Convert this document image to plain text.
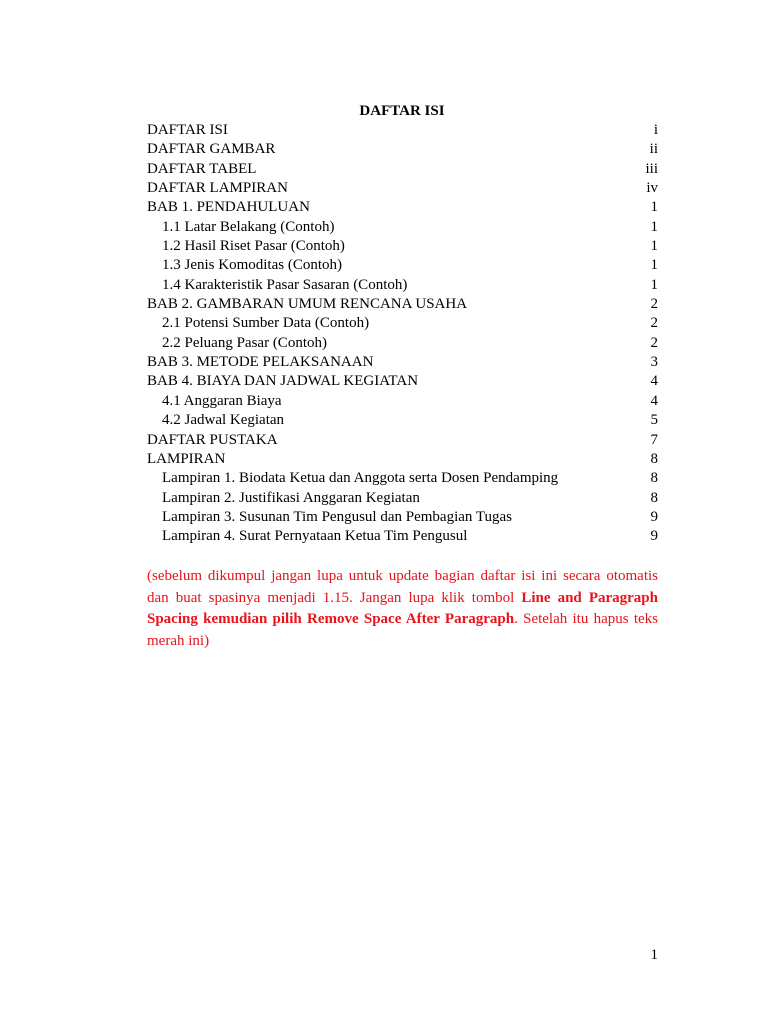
DAFTAR ISI
DAFTAR ISI	i
DAFTAR GAMBAR	ii
DAFTAR TABEL	iii
DAFTAR LAMPIRAN	iv
BAB 1. PENDAHULUAN	1
1.1 Latar Belakang (Contoh)	1
1.2 Hasil Riset Pasar (Contoh)	1
1.3 Jenis Komoditas (Contoh)	1
1.4 Karakteristik Pasar Sasaran (Contoh)	1
BAB 2. GAMBARAN UMUM RENCANA USAHA	2
2.1 Potensi Sumber Data (Contoh)	2
2.2 Peluang Pasar (Contoh)	2
BAB 3. METODE PELAKSANAAN	3
BAB 4. BIAYA DAN JADWAL KEGIATAN	4
4.1 Anggaran Biaya	4
4.2 Jadwal Kegiatan	5
DAFTAR PUSTAKA	7
LAMPIRAN	8
Lampiran 1. Biodata Ketua dan Anggota serta Dosen Pendamping	8
Lampiran 2. Justifikasi Anggaran Kegiatan	8
Lampiran 3. Susunan Tim Pengusul dan Pembagian Tugas	9
Lampiran 4. Surat Pernyataan Ketua Tim Pengusul	9
(sebelum dikumpul jangan lupa untuk update bagian daftar isi ini secara otomatis dan buat spasinya menjadi 1.15. Jangan lupa klik tombol Line and Paragraph Spacing kemudian pilih Remove Space After Paragraph. Setelah itu hapus teks merah ini)
1
